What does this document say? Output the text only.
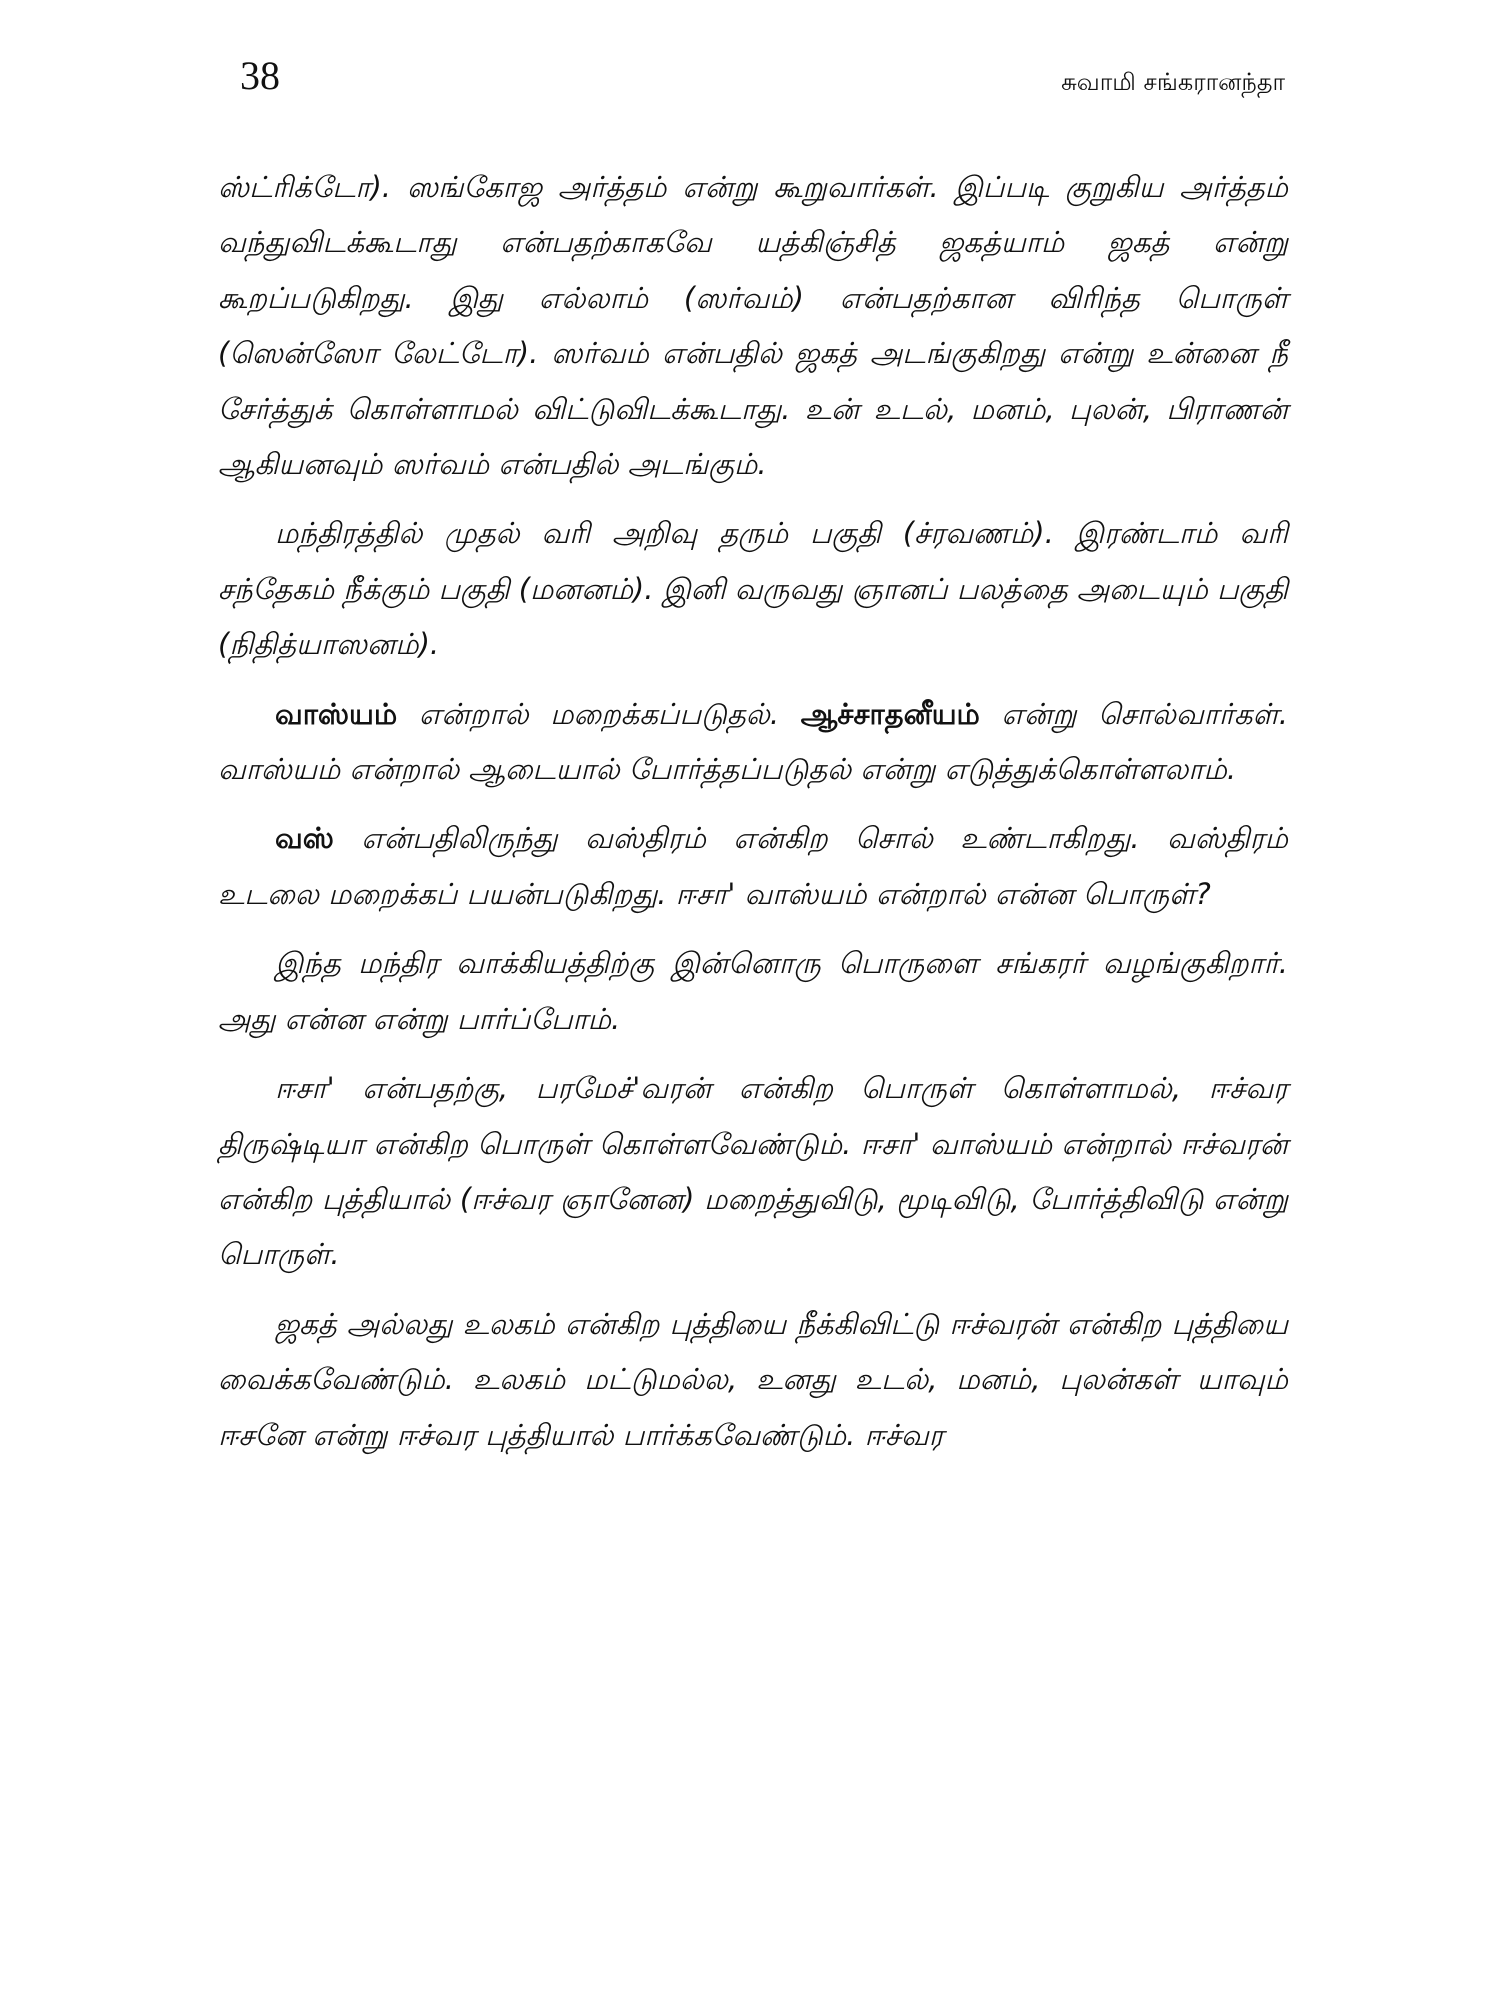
38	சுவாமி சங்கரானந்தா

ஸ்ட்ரிக்டோ). ஸங்கோஜ அர்த்தம் என்று கூறுவார்கள். இப்படி குறுகிய அர்த்தம் வந்துவிடக்கூடாது என்பதற்காகவே யத்கிஞ்சித் ஜகத்யாம் ஜகத் என்று கூறப்படுகிறது. இது எல்லாம் (ஸர்வம்) என்பதற்கான விரிந்த பொருள் (ஸென்ஸோ லேட்டோ). ஸர்வம் என்பதில் ஜகத் அடங்குகிறது என்று உன்னை நீ சேர்த்துக் கொள்ளாமல் விட்டுவிடக்கூடாது. உன் உடல், மனம், புலன், பிராணன் ஆகியனவும் ஸர்வம் என்பதில் அடங்கும்.

மந்திரத்தில் முதல் வரி அறிவு தரும் பகுதி (ச்ரவணம்). இரண்டாம் வரி சந்தேகம் நீக்கும் பகுதி (மனனம்). இனி வருவது ஞானப் பலத்தை அடையும் பகுதி (நிதித்யாஸனம்).

வாஸ்யம் என்றால் மறைக்கப்படுதல். ஆச்சாதனீயம் என்று சொல்வார்கள். வாஸ்யம் என்றால் ஆடையால் போர்த்தப்படுதல் என்று எடுத்துக்கொள்ளலாம்.

வஸ் என்பதிலிருந்து வஸ்திரம் என்கிற சொல் உண்டாகிறது. வஸ்திரம் உடலை மறைக்கப் பயன்படுகிறது. ஈசா' வாஸ்யம் என்றால் என்ன பொருள்?

இந்த மந்திர வாக்கியத்திற்கு இன்னொரு பொருளை சங்கரர் வழங்குகிறார். அது என்ன என்று பார்ப்போம்.

ஈசா' என்பதற்கு, பரமேச்'வரன் என்கிற பொருள் கொள்ளாமல், ஈச்வர திருஷ்டியா என்கிற பொருள் கொள்ளவேண்டும். ஈசா' வாஸ்யம் என்றால் ஈச்வரன் என்கிற புத்தியால் (ஈச்வர ஞானேன) மறைத்துவிடு, மூடிவிடு, போர்த்திவிடு என்று பொருள்.

ஜகத் அல்லது உலகம் என்கிற புத்தியை நீக்கிவிட்டு ஈச்வரன் என்கிற புத்தியை வைக்கவேண்டும். உலகம் மட்டுமல்ல, உனது உடல், மனம், புலன்கள் யாவும் ஈசனே என்று ஈச்வர புத்தியால் பார்க்கவேண்டும். ஈச்வர
